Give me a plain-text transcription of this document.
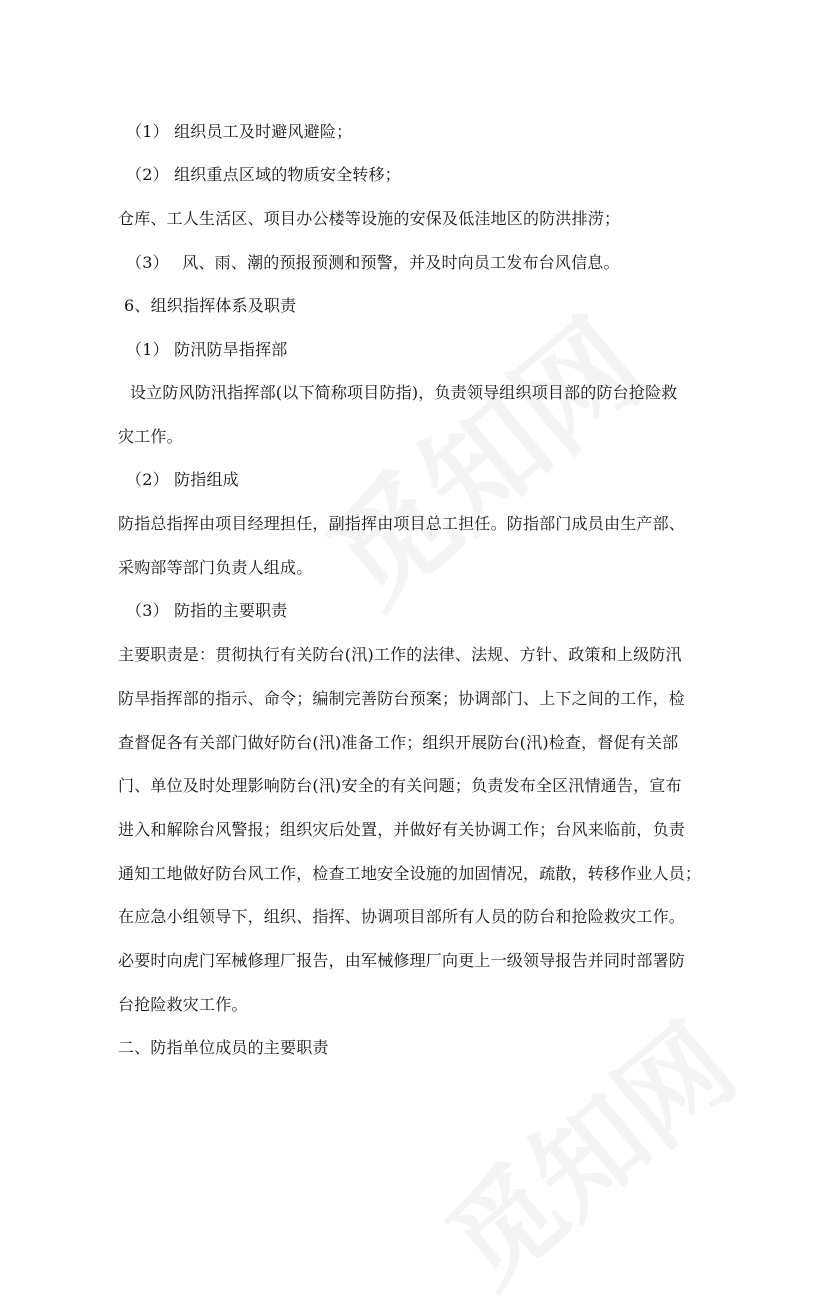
（1） 组织员工及时避风避险；
（2） 组织重点区域的物质安全转移；
仓库、工人生活区、项目办公楼等设施的安保及低洼地区的防洪排涝；
（3）　 风、雨、潮的预报预测和预警，并及时向员工发布台风信息。
6、组织指挥体系及职责
（1） 防汛防旱指挥部
设立防风防汛指挥部(以下简称项目防指)，负责领导组织项目部的防台抢险救
灾工作。
（2） 防指组成
防指总指挥由项目经理担任，副指挥由项目总工担任。防指部门成员由生产部、
采购部等部门负责人组成。
（3） 防指的主要职责
主要职责是：贯彻执行有关防台(汛)工作的法律、法规、方针、政策和上级防汛
防旱指挥部的指示、命令；编制完善防台预案；协调部门、上下之间的工作，检
查督促各有关部门做好防台(汛)准备工作；组织开展防台(汛)检查，督促有关部
门、单位及时处理影响防台(汛)安全的有关问题；负责发布全区汛情通告，宣布
进入和解除台风警报；组织灾后处置，并做好有关协调工作；台风来临前，负责
通知工地做好防台风工作，检查工地安全设施的加固情况，疏散，转移作业人员；
在应急小组领导下，组织、指挥、协调项目部所有人员的防台和抢险救灾工作。
必要时向虎门军械修理厂报告，由军械修理厂向更上一级领导报告并同时部署防
台抢险救灾工作。
二、防指单位成员的主要职责
